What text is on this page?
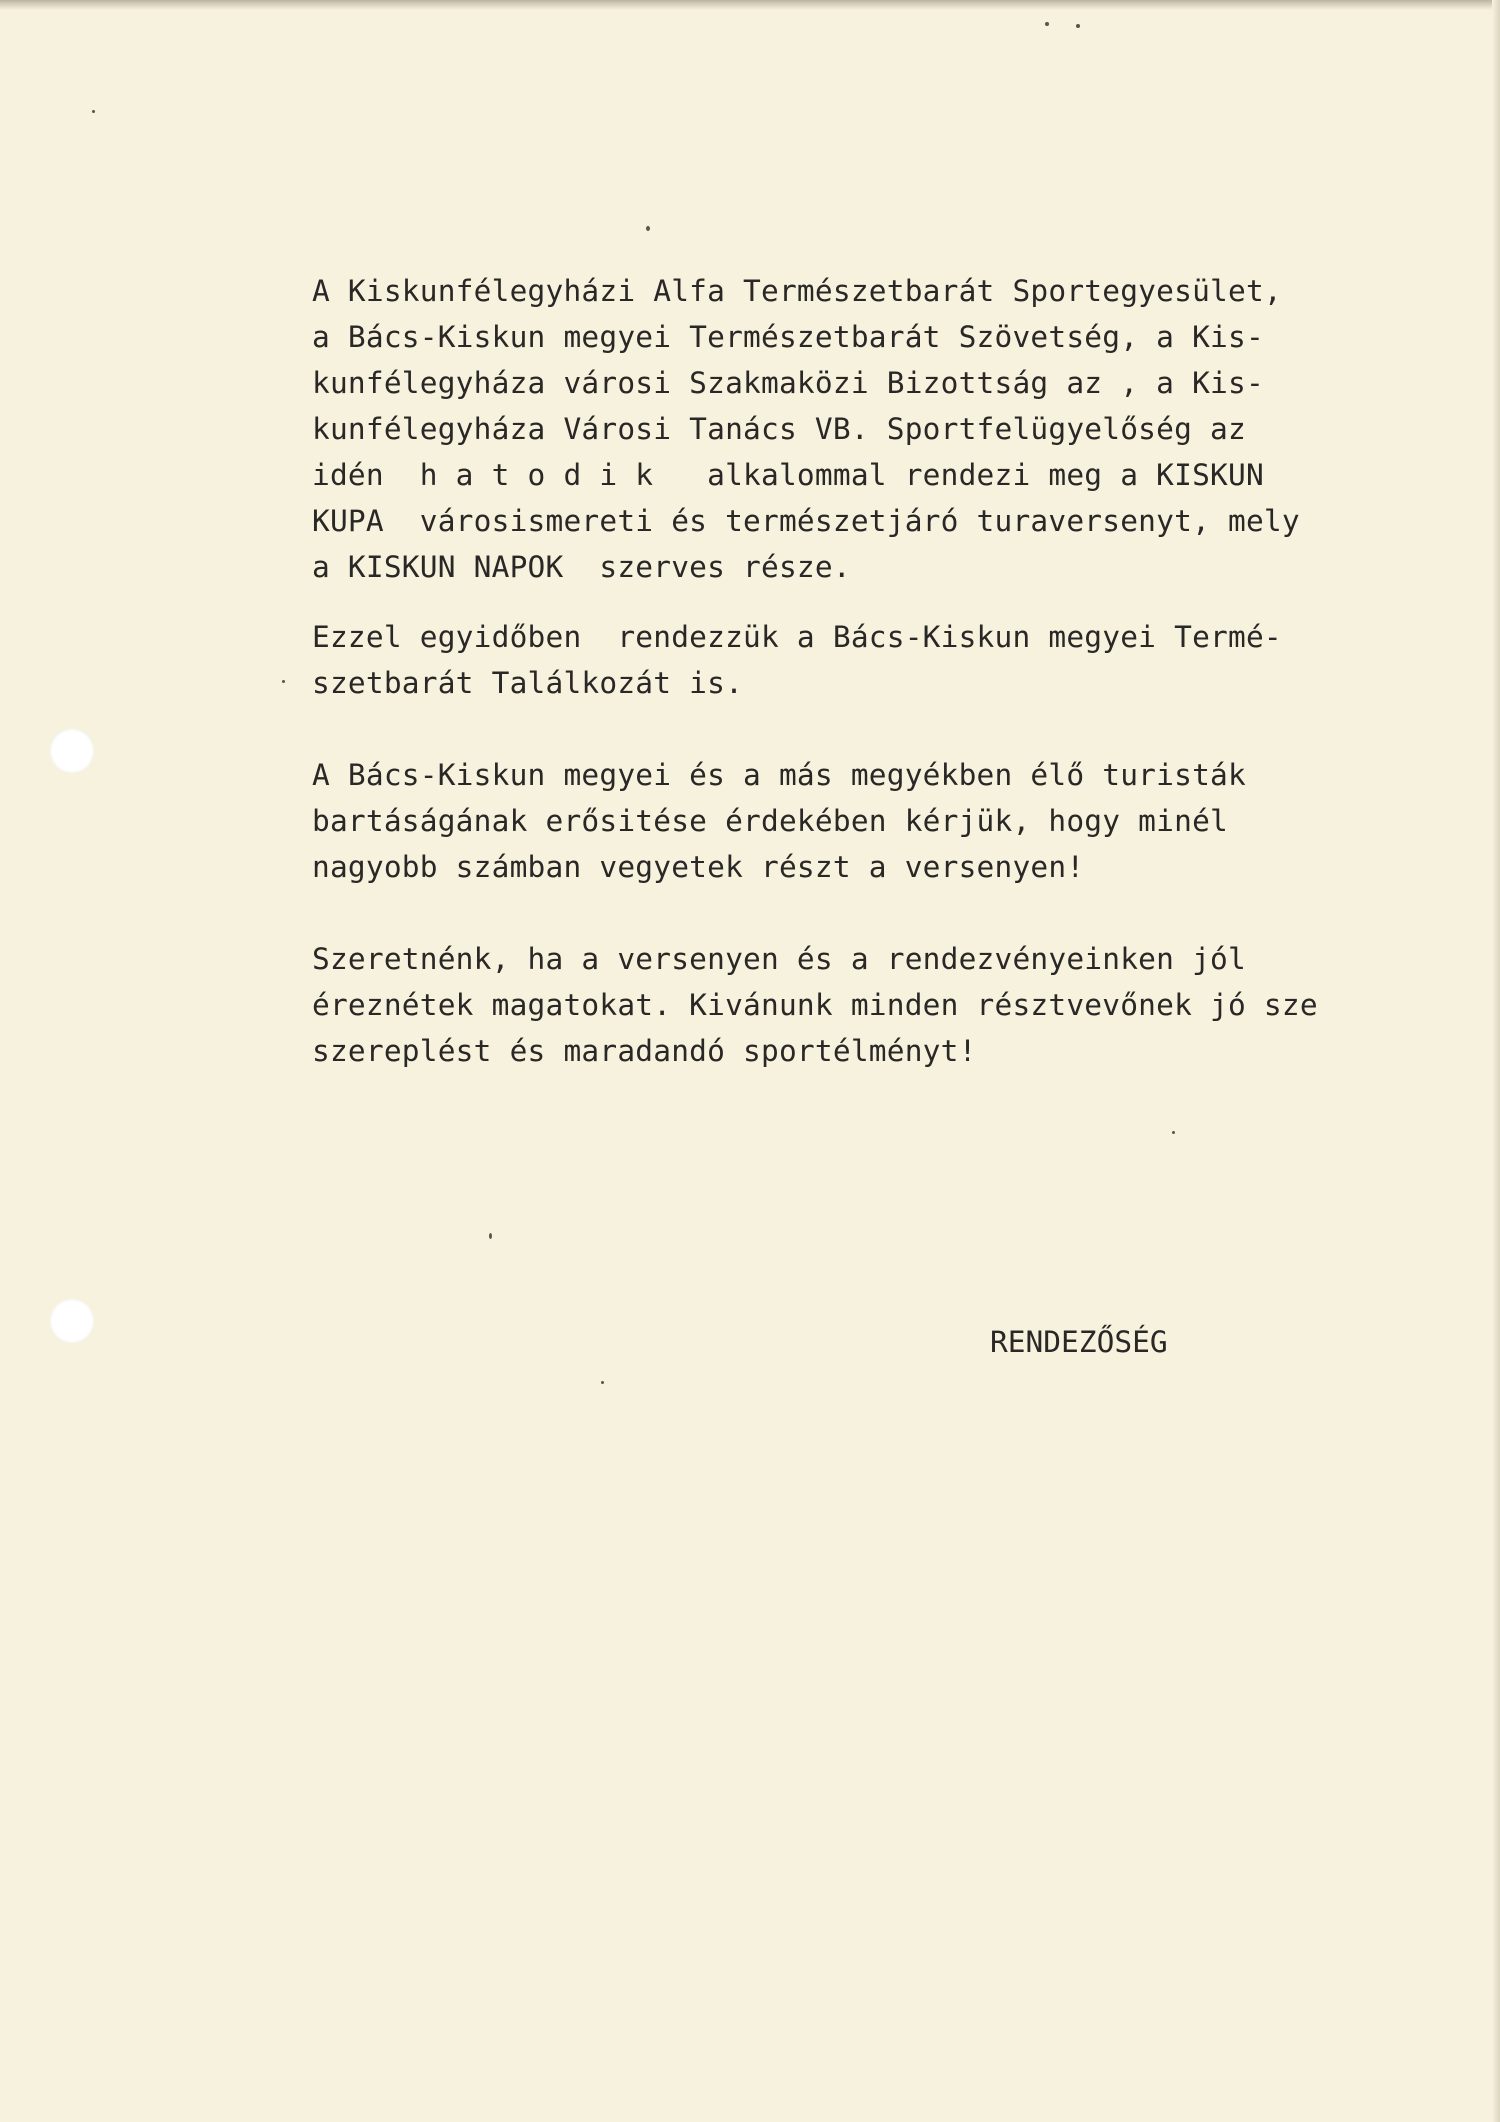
A Kiskunfélegyházi Alfa Természetbarát Sportegyesület,
a Bács-Kiskun megyei Természetbarát Szövetség, a Kis-
kunfélegyháza városi Szakmaközi Bizottság az , a Kis-
kunfélegyháza Városi Tanács VB. Sportfelügyelőség az
idén  h a t o d i k   alkalommal rendezi meg a KISKUN
KUPA  városismereti és természetjáró turaversenyt, mely
a KISKUN NAPOK  szerves része.
Ezzel egyidőben  rendezzük a Bács-Kiskun megyei Termé-
szetbarát Találkozát is.
A Bács-Kiskun megyei és a más megyékben élő turisták
bartáságának erősitése érdekében kérjük, hogy minél
nagyobb számban vegyetek részt a versenyen!
Szeretnénk, ha a versenyen és a rendezvényeinken jól
éreznétek magatokat. Kivánunk minden résztvevőnek jó sze
szereplést és maradandó sportélményt!
RENDEZŐSÉG
